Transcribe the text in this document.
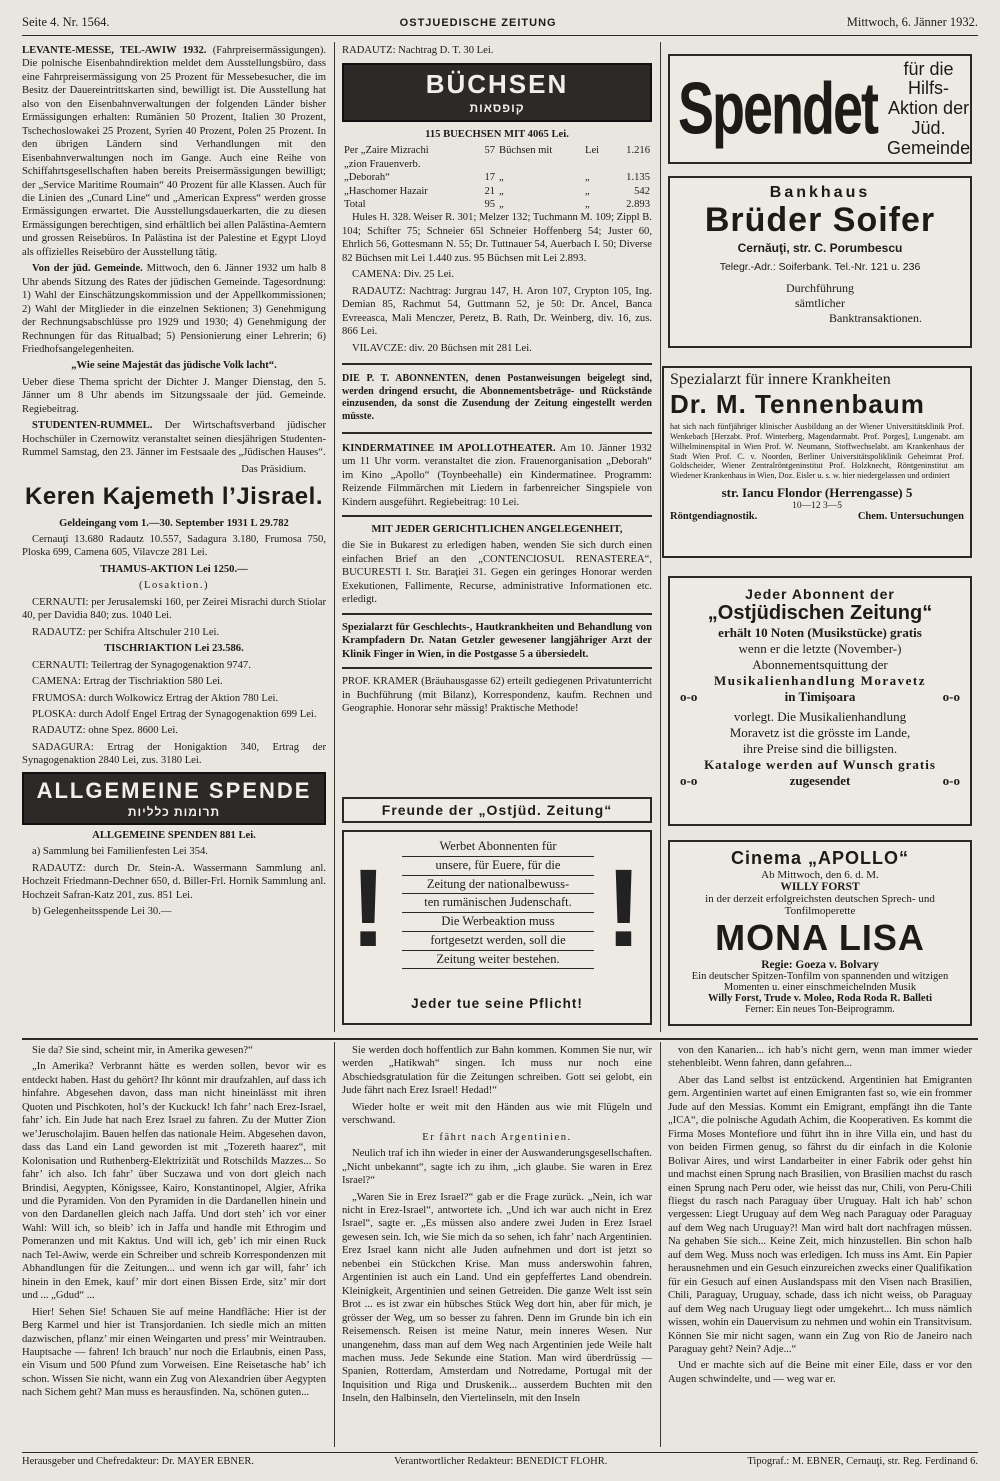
Seite 4. Nr. 1564.	OSTJUEDISCHE ZEITUNG	Mittwoch, 6. Jänner 1932.

LEVANTE-MESSE, TEL-AWIW 1932. (Fahrpreisermässigungen). Die polnische Eisenbahndirektion meldet dem Ausstellungsbüro, dass eine Fahrpreisermässigung von 25 Prozent für Messebesucher, die im Besitz der Dauereintrittskarten sind, bewilligt ist. Die Ausstellung hat also von den Eisenbahnverwaltungen der folgenden Länder bisher Ermässigungen erhalten: Rumänien 50 Prozent, Italien 30 Prozent, Tschechoslowakei 25 Prozent, Syrien 40 Prozent, Polen 25 Prozent. In den übrigen Ländern sind Verhandlungen mit den Eisenbahnverwaltungen noch im Gange. Auch eine Reihe von Schiffahrtsgesellschaften haben bereits Preisermässigungen bewilligt; der „Service Maritime Roumain“ 40 Prozent für alle Klassen. Auch für die Linien des „Cunard Line“ und „American Express“ werden grosse Ermässigungen erwartet. Die Ausstellungsdauerkarten, die zu diesen Ermässigungen berechtigen, sind erhältlich bei allen Palästina-Aemtern und grossen Reisebüros. In Palästina ist der Palestine et Egypt Lloyd als offizielles Reisebüro der Ausstellung tätig.

Von der jüd. Gemeinde. Mittwoch, den 6. Jänner 1932 um halb 8 Uhr abends Sitzung des Rates der jüdischen Gemeinde. Tagesordnung: 1) Wahl der Einschätzungskommission und der Appellkommissionen; 2) Wahl der Mitglieder in die einzelnen Sektionen; 3) Genehmigung der Rechnungsabschlüsse pro 1929 und 1930; 4) Genehmigung der Rechnungen für das Ritualbad; 5) Pensionierung einer Lehrerin; 6) Friedhofsangelegenheiten.

„Wie seine Majestät das jüdische Volk lacht“.

Ueber diese Thema spricht der Dichter J. Manger Dienstag, den 5. Jänner um 8 Uhr abends im Sitzungssaale der jüd. Gemeinde. Regiebeitrag.

STUDENTEN-RUMMEL. Der Wirtschaftsverband jüdischer Hochschüler in Czernowitz veranstaltet seinen diesjährigen Studenten-Rummel Samstag, den 23. Jänner im Festsaale des „Jüdischen Hauses“.

Das Präsidium.

Keren Kajemeth l’Jisrael.

Geldeingang vom 1.—30. September 1931 L 29.782

Cernauţi 13.680 Radautz 10.557, Sadagura 3.180, Frumosa 750, Ploska 699, Camena 605, Vilavcze 281 Lei.

THAMUS-AKTION Lei 1250.—

(Losaktion.)

CERNAUTI: per Jerusalemski 160, per Zeirei Misrachi durch Stiolar 40, per Davidia 840; zus. 1040 Lei.

RADAUTZ: per Schifra Altschuler 210 Lei.

TISCHRIAKTION Lei 23.586.

CERNAUTI: Teilertrag der Synagogenaktion 9747.

CAMENA: Ertrag der Tischriaktion 580 Lei.

FRUMOSA: durch Wolkowicz Ertrag der Aktion 780 Lei.

PLOSKA: durch Adolf Engel Ertrag der Synagogenaktion 699 Lei.

RADAUTZ: ohne Spez. 8600 Lei.

SADAGURA: Ertrag der Honigaktion 340, Ertrag der Synagogenaktion 2840 Lei, zus. 3180 Lei.

ALLGEMEINE SPENDE
תרומות כלליות

ALLGEMEINE SPENDEN 881 Lei.

a) Sammlung bei Familienfesten Lei 354.

RADAUTZ: durch Dr. Stein-A. Wassermann Sammlung anl. Hochzeit Friedmann-Dechner 650, d. Biller-Frl. Hornik Sammlung anl. Hochzeit Safran-Katz 201, zus. 851 Lei.

b) Gelegenheitsspende Lei 30.—

RADAUTZ: Nachtrag D. T. 30 Lei.

BÜCHSEN
קופסאות

115 BUECHSEN MIT 4065 Lei.

Per „Zaire Mizrachi	57	Büchsen mit	Lei	1.216
„zion Frauenverb.				
„Deborah“	17	„	„	1.135
„Haschomer Hazair	21	„	„	542
Total	95	„	„	2.893

Hules H. 328. Weiser R. 301; Melzer 132; Tuchmann M. 109; Zippl B. 104; Schifter 75; Schneier 65l Schneier Hoffenberg 54; Juster 60, Ehrlich 56, Gottesmann N. 55; Dr. Tuttnauer 54, Auerbach I. 50; Diverse 82 Büchsen mit Lei 1.440 zus. 95 Büchsen mit Lei 2.893.

CAMENA: Div. 25 Lei.

RADAUTZ: Nachtrag: Jurgrau 147, H. Aron 107, Crypton 105, Ing. Demian 85, Rachmut 54, Guttmann 52, je 50: Dr. Ancel, Banca Evreeasca, Mali Menczer, Peretz, B. Rath, Dr. Weinberg, div. 16, zus. 866 Lei.

VILAVCZE: div. 20 Büchsen mit 281 Lei.

DIE P. T. ABONNENTEN, denen Postanweisungen beigelegt sind, werden dringend ersucht, die Abonnementsbeträge- und Rückstände einzusenden, da sonst die Zusendung der Zeitung eingestellt werden müsste.

KINDERMATINEE IM APOLLOTHEATER. Am 10. Jänner 1932 um 11 Uhr vorm. veranstaltet die zion. Frauenorganisation „Deborah“ im Kino „Apollo“ (Toynbeehalle) ein Kindermatinee. Programm: Reizende Filmmärchen mit Liedern in farbenreicher Singspiele von Kindern ausgeführt. Regiebeitrag: 10 Lei.

MIT JEDER GERICHTLICHEN ANGELEGENHEIT,

die Sie in Bukarest zu erledigen haben, wenden Sie sich durch einen einfachen Brief an den „CONTENCIOSUL RENASTEREA“, BUCURESTI I. Str. Baraţiei 31. Gegen ein geringes Honorar werden Exekutionen, Fallimente, Recurse, administrative Informationen etc. erledigt.

Spezialarzt für Geschlechts-, Hautkrankheiten und Behandlung von Krampfadern Dr. Natan Getzler gewesener langjähriger Arzt der Klinik Finger in Wien, in die Postgasse 5 a übersiedelt.

PROF. KRAMER (Bräuhausgasse 62) erteilt gediegenen Privatunterricht in Buchführung (mit Bilanz), Korrespondenz, kaufm. Rechnen und Geographie. Honorar sehr mässig! Praktische Methode!

Freunde der „Ostjüd. Zeitung“
! !
Werbet Abonnenten für
unsere, für Euere, für die
Zeitung der nationalbewuss-
ten rumänischen Judenschaft.
Die Werbeaktion muss
fortgesetzt werden, soll die
Zeitung weiter bestehen.
Jeder tue seine Pflicht!
Spendet	für die Hilfs-Aktion der Jüd. Gemeinde
Bankhaus
Brüder Soifer
Cernăuţi, str. C. Porumbescu
Telegr.-Adr.: Soiferbank. Tel.-Nr. 121 u. 236
Durchführung
sämtlicher
Banktransaktionen.
Spezialarzt für innere Krankheiten
Dr. M. Tennenbaum
hat sich nach fünfjähriger klinischer Ausbildung an der Wiener Universitätsklinik Prof. Wenkebach [Herzabt. Prof. Winterberg, Magendarmabt. Prof. Porges], Lungenabt. am Wilhelminenspital in Wien Prof. W. Neumann, Stoffwechselabt. am Krankenhaus der Stadt Wien Prof. C. v. Noorden, Berliner Universitätspoliklinik Geheimrat Prof. Goldscheider, Wiener Zentralröntgeninstitut Prof. Holzknecht, Röntgeninstitut am Wiedener Krankenhaus in Wien, Doz. Eisler u. s. w. hier niedergelassen und ordiniert
str. Iancu Flondor (Herrengasse) 5
10—12 3—5
Röntgendiagnostik.	Chem. Untersuchungen
Jeder Abonnent der
„Ostjüdischen Zeitung“
erhält 10 Noten (Musikstücke) gratis
wenn er die letzte (November-)
Abonnementsquittung der
Musikalienhandlung Moravetz
o-o	in Timişoara	o-o
vorlegt. Die Musikalienhandlung
Moravetz ist die grösste im Lande,
ihre Preise sind die billigsten.
Kataloge werden auf Wunsch gratis
o-o	zugesendet	o-o
Cinema „APOLLO“
Ab Mittwoch, den 6. d. M.
WILLY FORST
in der derzeit erfolgreichsten deutschen Sprech- und Tonfilmoperette
MONA LISA
Regie: Goeza v. Bolvary
Ein deutscher Spitzen-Tonfilm von spannenden und witzigen Momenten u. einer einschmeichelnden Musik
Willy Forst, Trude v. Moleo, Roda Roda R. Balleti
Ferner: Ein neues Ton-Beiprogramm.

Sie da? Sie sind, scheint mir, in Amerika gewesen?“

„In Amerika? Verbrannt hätte es werden sollen, bevor wir es entdeckt haben. Hast du gehört? Ihr könnt mir draufzahlen, auf dass ich hinfahre. Abgesehen davon, dass man nicht hineinlässt mit ihren Quoten und Pischkoten, hol’s der Kuckuck! Ich fahr’ nach Erez-Israel, fahr’ ich. Ein Jude hat nach Erez Israel zu fahren. Zu der Mutter Zion we’Jeruscholajim. Bauen helfen das nationale Heim. Abgesehen davon, dass das Land ein Land geworden ist mit „Tozereth haarez“, mit Kolonisation und Ruthenberg-Elektrizität und Rotschilds Mazzes... So fahr’ ich also. Ich fahr’ über Suczawa und von dort gleich nach Brindisi, Aegypten, Königssee, Kairo, Konstantinopel, Algier, Afrika und die Pyramiden. Von den Pyramiden in die Dardanellen hinein und von den Dardanellen gleich nach Jaffa. Und dort steh’ ich vor einer Wahl: Will ich, so bleib’ ich in Jaffa und handle mit Ethrogim und Pomeranzen und mit Kaktus. Und will ich, geb’ ich mir einen Ruck nach Tel-Awiw, werde ein Schreiber und schreib Korrespondenzen mit Abhandlungen für die Zeitungen... und wenn ich gar will, fahr’ ich hinein in den Emek, kauf’ mir dort einen Bissen Erde, sitz’ mir dort und ... „Gdud“ ...

Hier! Sehen Sie! Schauen Sie auf meine Handfläche: Hier ist der Berg Karmel und hier ist Transjordanien. Ich siedle mich an mitten dazwischen, pflanz’ mir einen Weingarten und press’ mir Weintrauben. Hauptsache — fahren! Ich brauch’ nur noch die Erlaubnis, einen Pass, ein Visum und 500 Pfund zum Vorweisen. Eine Reisetasche hab’ ich schon. Wissen Sie nicht, wann ein Zug von Alexandrien über Aegypten nach Sichem geht? Man muss es herausfinden. Na, schönen guten...

Sie werden doch hoffentlich zur Bahn kommen. Kommen Sie nur, wir werden „Hatikwah“ singen. Ich muss nur noch eine Abschiedsgratulation für die Zeitungen schreiben. Gott sei gelobt, ein Jude fährt nach Erez Israel! Hedad!“

Wieder holte er weit mit den Händen aus wie mit Flügeln und verschwand.

Er fährt nach Argentinien.

Neulich traf ich ihn wieder in einer der Auswanderungsgesellschaften. „Nicht unbekannt“, sagte ich zu ihm, „ich glaube. Sie waren in Erez Israel?“

„Waren Sie in Erez Israel?“ gab er die Frage zurück. „Nein, ich war nicht in Erez-Israel“, antwortete ich. „Und ich war auch nicht in Erez Israel“, sagte er. „Es müssen also andere zwei Juden in Erez Israel gewesen sein. Ich, wie Sie mich da so sehen, ich fahr’ nach Argentinien. Erez Israel kann nicht alle Juden aufnehmen und dort ist jetzt so nebenbei ein Stückchen Krise. Man muss anderswohin fahren, Argentinien ist auch ein Land. Und ein gepfeffertes Land obendrein. Kleinigkeit, Argentinien und seinen Getreiden. Die ganze Welt isst sein Brot ... es ist zwar ein hübsches Stück Weg dort hin, aber für mich, je grösser der Weg, um so besser zu fahren. Denn im Grunde bin ich ein Reisemensch. Reisen ist meine Natur, mein inneres Wesen. Nur unangenehm, dass man auf dem Weg nach Argentinien jede Weile halt machen muss. Jede Sekunde eine Station. Man wird überdrüssig — Spanien, Rotterdam, Amsterdam und Notredame, Portugal mit der Inquisition und Riga und Druskenik... ausserdem Buchten mit den Inseln, den Halbinseln, den Viertelinseln, mit den Inseln

von den Kanarien... ich hab’s nicht gern, wenn man immer wieder stehenbleibt. Wenn fahren, dann gefahren...

Aber das Land selbst ist entzückend. Argentinien hat Emigranten gern. Argentinien wartet auf einen Emigranten fast so, wie ein frommer Jude auf den Messias. Kommt ein Emigrant, empfängt ihn die Tante „ICA“, die polnische Agudath Achim, die Kooperativen. Es kommt die Firma Moses Montefiore und führt ihn in ihre Villa ein, und hast du von beiden Firmen genug, so fährst du dir einfach in die Kolonie Bolivar Aires, und wirst Landarbeiter in einer Fabrik oder gehst hin und machst einen Sprung nach Brasilien, von Brasilien machst du rasch einen Sprung nach Peru oder, wie heisst das nur, Chili, von Peru-Chili fliegst du rasch nach Paraguay über Uruguay. Halt ich hab’ schon vergessen: Liegt Uruguay auf dem Weg nach Paraguay oder Paraguay auf dem Weg nach Uruguay?! Man wird halt dort nachfragen müssen. Na gehaben Sie sich... Keine Zeit, mich hinzustellen. Bin schon halb auf dem Weg. Muss noch was erledigen. Ich muss ins Amt. Ein Papier herausnehmen und ein Gesuch einzureichen zwecks einer Qualifikation für ein Gesuch auf einen Auslandspass mit den Visen nach Brasilien, Chili, Paraguay, Uruguay, schade, dass ich nicht weiss, ob Paraguay auf dem Weg nach Uruguay liegt oder umgekehrt... Ich muss nämlich wissen, wohin ein Dauervisum zu nehmen und wohin ein Transitvisum. Können Sie mir nicht sagen, wann ein Zug von Rio de Janeiro nach Paraguay geht? Nein? Adje...“

Und er machte sich auf die Beine mit einer Eile, dass er vor den Augen schwindelte, und — weg war er.

Herausgeber und Chefredakteur: Dr. MAYER EBNER.	Verantwortlicher Redakteur: BENEDICT FLOHR.	Tipograf.: M. EBNER, Cernauţi, str. Reg. Ferdinand 6.
